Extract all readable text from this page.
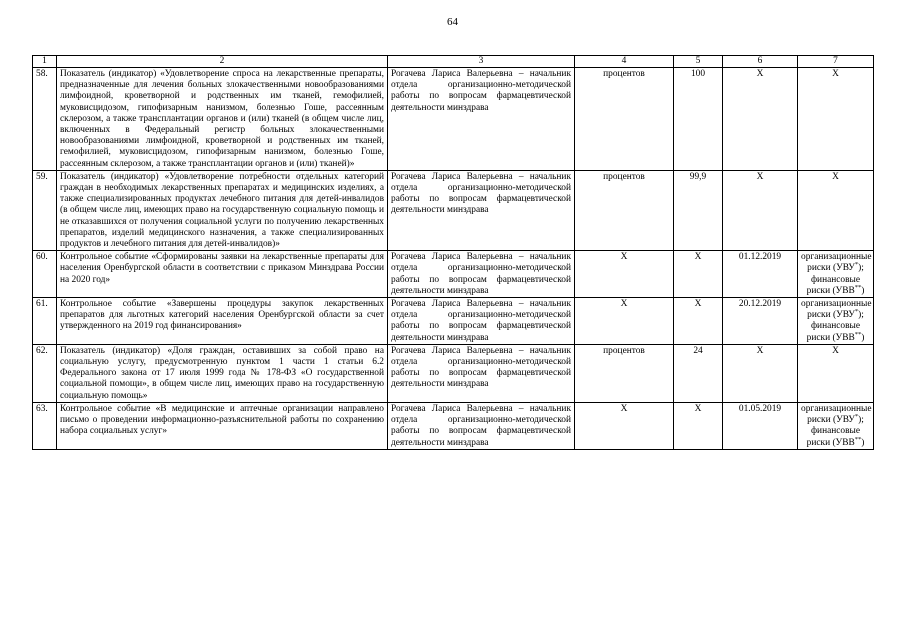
64
1	2	3	4	5	6	7
58.	Показатель (индикатор) «Удовлетворение спроса на лекарственные препараты, предназначенные для лечения больных злокачественными новообразованиями лимфоидной, кроветворной и родственных им тканей, гемофилией, муковисцидозом, гипофизарным нанизмом, болезнью Гоше, рассеянным склерозом, а также трансплантации органов и (или) тканей (в общем числе лиц, включенных в Федеральный регистр больных злокачественными новообразованиями лимфоидной, кроветворной и родственных им тканей, гемофилией, муковисцидозом, гипофизарным нанизмом, болезнью Гоше, рассеянным склерозом, а также трансплантации органов и (или) тканей)»	Рогачева Лариса Валерьевна – начальник отдела организационно-методической работы по вопросам фармацевтической деятельности минздрава	процентов	100	X	X
59.	Показатель (индикатор) «Удовлетворение потребности отдельных категорий граждан в необходимых лекарственных препаратах и медицинских изделиях, а также специализированных продуктах лечебного питания для детей-инвалидов (в общем числе лиц, имеющих право на государственную социальную помощь и не отказавшихся от получения социальной услуги по получению лекарственных препаратов, изделий медицинского назначения, а также специализированных продуктов и лечебного питания для детей-инвалидов)»	Рогачева Лариса Валерьевна – начальник отдела организационно-методической работы по вопросам фармацевтической деятельности минздрава	процентов	99,9	X	X
60.	Контрольное событие «Сформированы заявки на лекарственные препараты для населения Оренбургской области в соответствии с приказом Минздрава России на 2020 год»	Рогачева Лариса Валерьевна – начальник отдела организационно-методической работы по вопросам фармацевтической деятельности минздрава	X	X	01.12.2019	организационные риски (УВУ*); финансовые риски (УВВ**)
61.	Контрольное событие «Завершены процедуры закупок лекарственных препаратов для льготных категорий населения Оренбургской области за счет утвержденного на 2019 год финансирования»	Рогачева Лариса Валерьевна – начальник отдела организационно-методической работы по вопросам фармацевтической деятельности минздрава	X	X	20.12.2019	организационные риски (УВУ*); финансовые риски (УВВ**)
62.	Показатель (индикатор) «Доля граждан, оставивших за собой право на социальную услугу, предусмотренную пунктом 1 части 1 статьи 6.2 Федерального закона от 17 июля 1999 года № 178-ФЗ «О государственной социальной помощи», в общем числе лиц, имеющих право на государственную социальную помощь»	Рогачева Лариса Валерьевна – начальник отдела организационно-методической работы по вопросам фармацевтической деятельности минздрава	процентов	24	X	X
63.	Контрольное событие «В медицинские и аптечные организации направлено письмо о проведении информационно-разъяснительной работы по сохранению набора социальных услуг»	Рогачева Лариса Валерьевна – начальник отдела организационно-методической работы по вопросам фармацевтической деятельности минздрава	X	X	01.05.2019	организационные риски (УВУ*); финансовые риски (УВВ**)
